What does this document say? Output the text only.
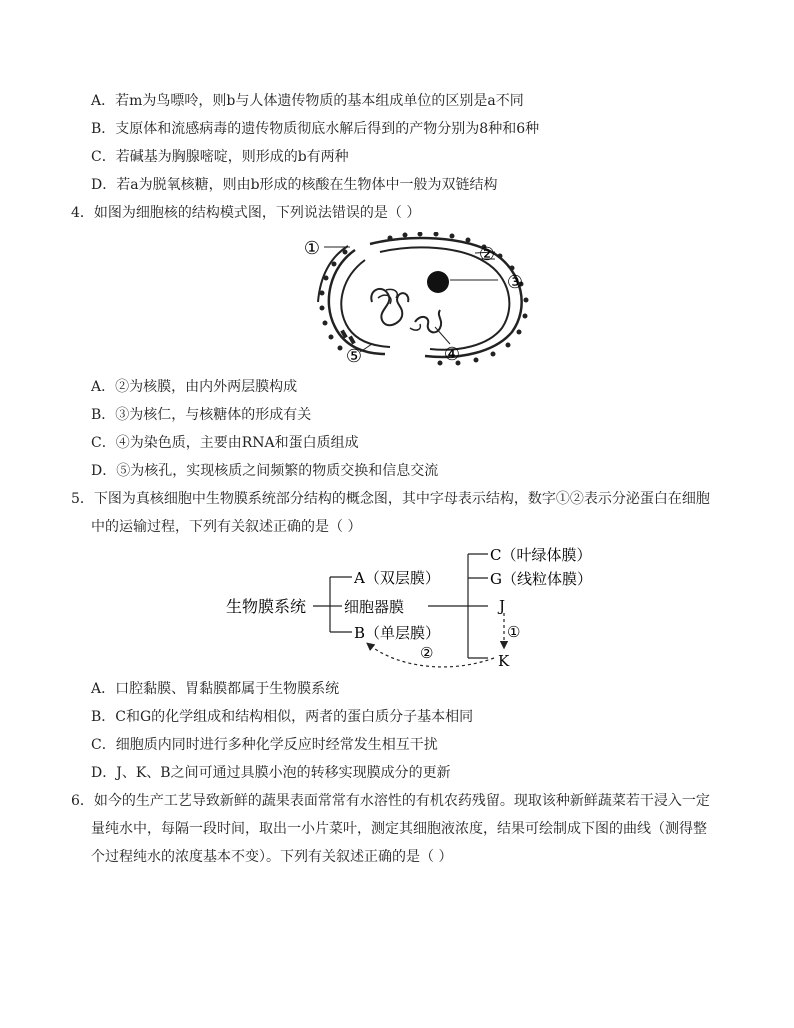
A．若m为鸟嘌呤，则b与人体遗传物质的基本组成单位的区别是a不同
B．支原体和流感病毒的遗传物质彻底水解后得到的产物分别为8种和6种
C．若碱基为胸腺嘧啶，则形成的b有两种
D．若a为脱氧核糖，则由b形成的核酸在生物体中一般为双链结构
4．如图为细胞核的结构模式图，下列说法错误的是（ ）
①	②
③
④
⑤
A．②为核膜，由内外两层膜构成
B．③为核仁，与核糖体的形成有关
C．④为染色质，主要由RNA和蛋白质组成
D．⑤为核孔，实现核质之间频繁的物质交换和信息交流
5．下图为真核细胞中生物膜系统部分结构的概念图，其中字母表示结构，数字①②表示分泌蛋白在细胞
中的运输过程，下列有关叙述正确的是（ ）
生物膜系统
A（双层膜）
细胞器膜
B（单层膜）
C（叶绿体膜）
G（线粒体膜）
J
K
①
②
A．口腔黏膜、胃黏膜都属于生物膜系统
B．C和G的化学组成和结构相似，两者的蛋白质分子基本相同
C．细胞质内同时进行多种化学反应时经常发生相互干扰
D．J、K、B之间可通过具膜小泡的转移实现膜成分的更新
6．如今的生产工艺导致新鲜的蔬果表面常常有水溶性的有机农药残留。现取该种新鲜蔬菜若干浸入一定
量纯水中，每隔一段时间，取出一小片菜叶，测定其细胞液浓度，结果可绘制成下图的曲线（测得整
个过程纯水的浓度基本不变）。下列有关叙述正确的是（ ）
